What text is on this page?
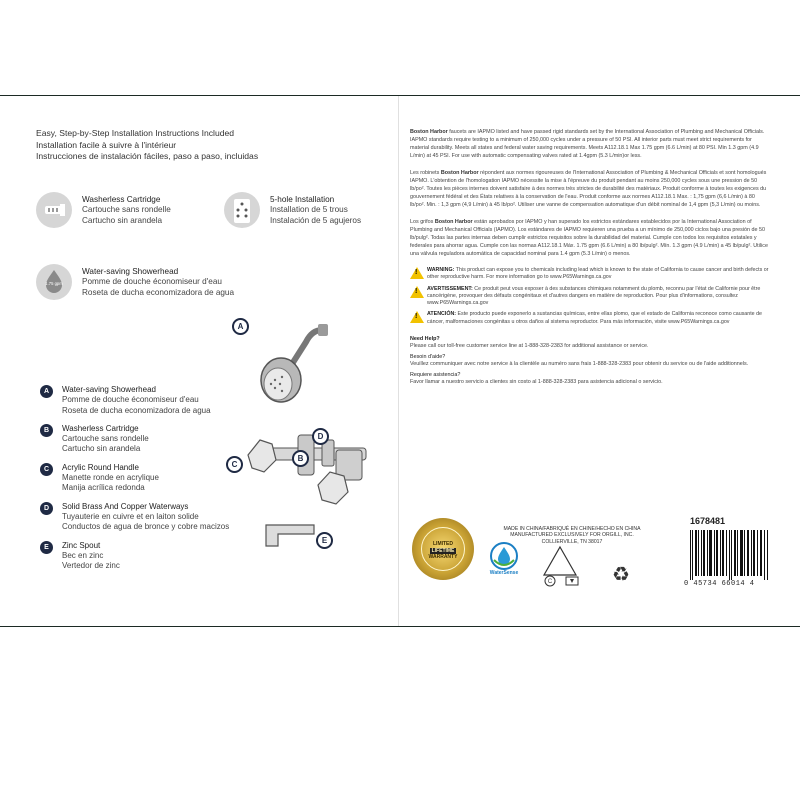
Easy, Step-by-Step Installation Instructions Included
Installation facile à suivre à l'intérieur
Instrucciones de instalación fáciles, paso a paso, incluidas
Washerless Cartridge
Cartouche sans rondelle
Cartucho sin arandela
5-hole Installation
Installation de 5 trous
Instalación de 5 agujeros
1.75 gpm
Water-saving Showerhead
Pomme de douche économiseur d'eau
Roseta de ducha economizadora de agua
A	Water-saving Showerhead
Pomme de douche économiseur d'eau
Roseta de ducha economizadora de agua
B	Washerless Cartridge
Cartouche sans rondelle
Cartucho sin arandela
C	Acrylic Round Handle
Manette ronde en acrylique
Manija acrílica redonda
D	Solid Brass And Copper Waterways
Tuyauterie en cuivre et en laiton solide
Conductos de agua de bronce y cobre macizos
E	Zinc Spout
Bec en zinc
Vertedor de zinc
A
B
C
D
E
Boston Harbor faucets are IAPMO listed and have passed rigid standards set by the International Association of Plumbing and Mechanical Officials. IAPMO standards require testing to a minimum of 250,000 cycles under a pressure of 50 PSI. All interior parts must meet strict requirements for material durability. Meets all states and federal water saving requirements. Meets A112.18.1 Max 1.75 gpm (6.6 L/min) at 80 PSI. Min 1.3 gpm (4.9 L/min) at 45 PSI. For use with automatic compensating valves rated at 1.4gpm (5.3 L/min)or less.
Les robinets Boston Harbor répondent aux normes rigoureuses de l'International Association of Plumbing & Mechanical Officials et sont homologués IAPMO. L'obtention de l'homologation IAPMO nécessite la mise à l'épreuve du produit pendant au moins 250,000 cycles sous une pression de 50 lb/po². Toutes les pièces internes doivent satisfaire à des normes très strictes de durabilité des matériaux. Produit conforme à toutes les exigences du gouvernement fédéral et des États relatives à la conservation de l'eau. Produit conforme aux normes A112.18.1 Max. : 1,75 gpm (6,6 L/min) à 80 lb/po². Min. : 1,3 gpm (4,9 L/min) à 45 lb/po². Utiliser une vanne de compensation automatique d'un débit nominal de 1,4 gpm (5,3 L/min) ou moins.
Los grifos Boston Harbor están aprobados por IAPMO y han superado los estrictos estándares establecidos por la International Association of Plumbing and Mechanical Officials (IAPMO). Los estándares de IAPMO requieren una prueba a un mínimo de 250,000 ciclos bajo una presión de 50 lb/pulg². Todas las partes internas deben cumplir estrictos requisitos sobre la durabilidad del material. Cumple con todos los requisitos estatales y federales para ahorrar agua. Cumple con las normas A112.18.1 Máx. 1.75 gpm (6.6 L/min) a 80 lb/pulg². Mín. 1.3 gpm (4.9 L/min) a 45 lb/pulg². Utilice una válvula reguladora automática de capacidad nominal para 1.4 gpm (5.3 L/min) o menos.
! WARNING: This product can expose you to chemicals including lead which is known to the state of California to cause cancer and birth defects or other reproductive harm. For more information go to www.P65Warnings.ca.gov
! AVERTISSEMENT: Ce produit peut vous exposer à des substances chimiques notamment du plomb, reconnu par l'état de Californie pour être cancérigène, provoquer des défauts congénitaux et d'autres dangers en matière de reproduction. Pour plus d'informations, consultez www.P65Warnings.ca.gov
! ATENCIÓN: Este producto puede exponerlo a sustancias químicas, entre ellas plomo, que el estado de California reconoce como causante de cáncer, malformaciones congénitas u otros daños al sistema reproductor. Para más información, visite www.P65Warnings.ca.gov
Need Help?
Please call our toll-free customer service line at 1-888-328-2383 for additional assistance or service.
Besoin d'aide?
Veuillez communiquer avec notre service à la clientèle au numéro sans frais 1-888-328-2383 pour obtenir du service ou de l'aide additionnels.
Requiere asistencia?
Favor llamar a nuestro servicio a clientes sin costo al 1-888-328-2383 para asistencia adicional o servicio.
LIMITED
LIFETIME
WARRANTY
WaterSense
MADE IN CHINA/FABRIQUÉ EN CHINE/HECHO EN CHINA
MANUFACTURED EXCLUSIVELY FOR ORGILL, INC.
COLLIERVILLE, TN 38017
C	♻
1678481
0 45734 66014 4
